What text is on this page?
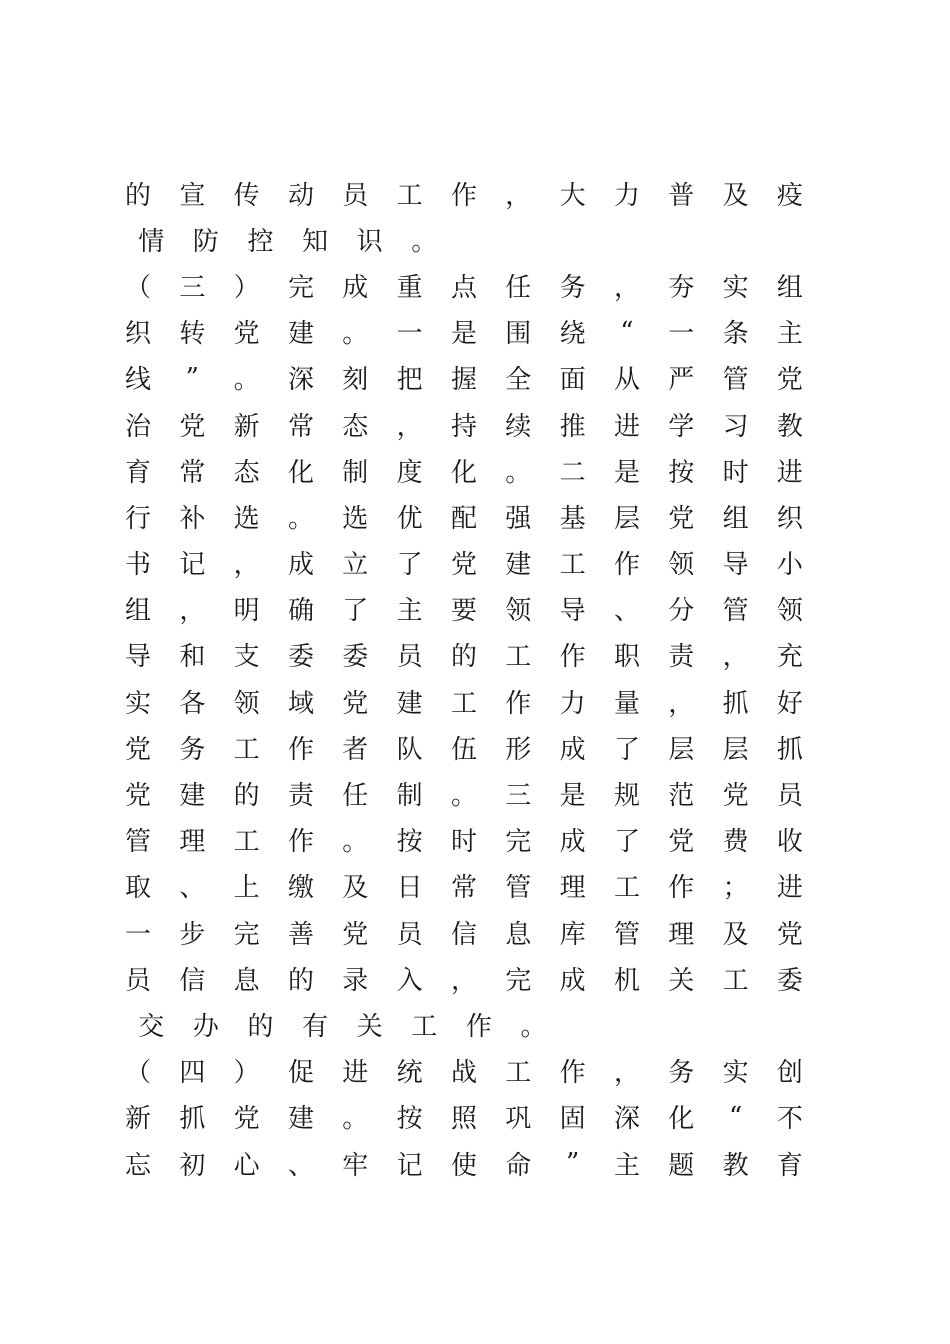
的 宣 传 动 员 工 作 ， 大 力 普 及 疫
情	防	控	知	识	。
（ 三 ） 完 成 重 点 任 务 ， 夯 实 组
织 转 党 建 。 一 是 围 绕 “ 一 条 主
线 ” 。 深 刻 把 握 全 面 从 严 管 党
治 党 新 常 态 ， 持 续 推 进 学 习 教
育 常 态 化 制 度 化 。 二 是 按 时 进
行 补 选 。 选 优 配 强 基 层 党 组 织
书 记 ， 成 立 了 党 建 工 作 领 导 小
组 ， 明 确 了 主 要 领 导 、 分 管 领
导 和 支 委 委 员 的 工 作 职 责 ， 充
实 各 领 域 党 建 工 作 力 量 ， 抓 好
党 务 工 作 者 队 伍 形 成 了 层 层 抓
党 建 的 责 任 制 。 三 是 规 范 党 员
管 理 工 作 。 按 时 完 成 了 党 费 收
取 、 上 缴 及 日 常 管 理 工 作 ； 进
一 步 完 善 党 员 信 息 库 管 理 及 党
员 信 息 的 录 入 ， 完 成 机 关 工 委
交	办	的	有	关	工	作	。
（ 四 ） 促 进 统 战 工 作 ， 务 实 创
新 抓 党 建 。 按 照 巩 固 深 化 “ 不
忘 初 心 、 牢 记 使 命 ” 主 题 教 育
